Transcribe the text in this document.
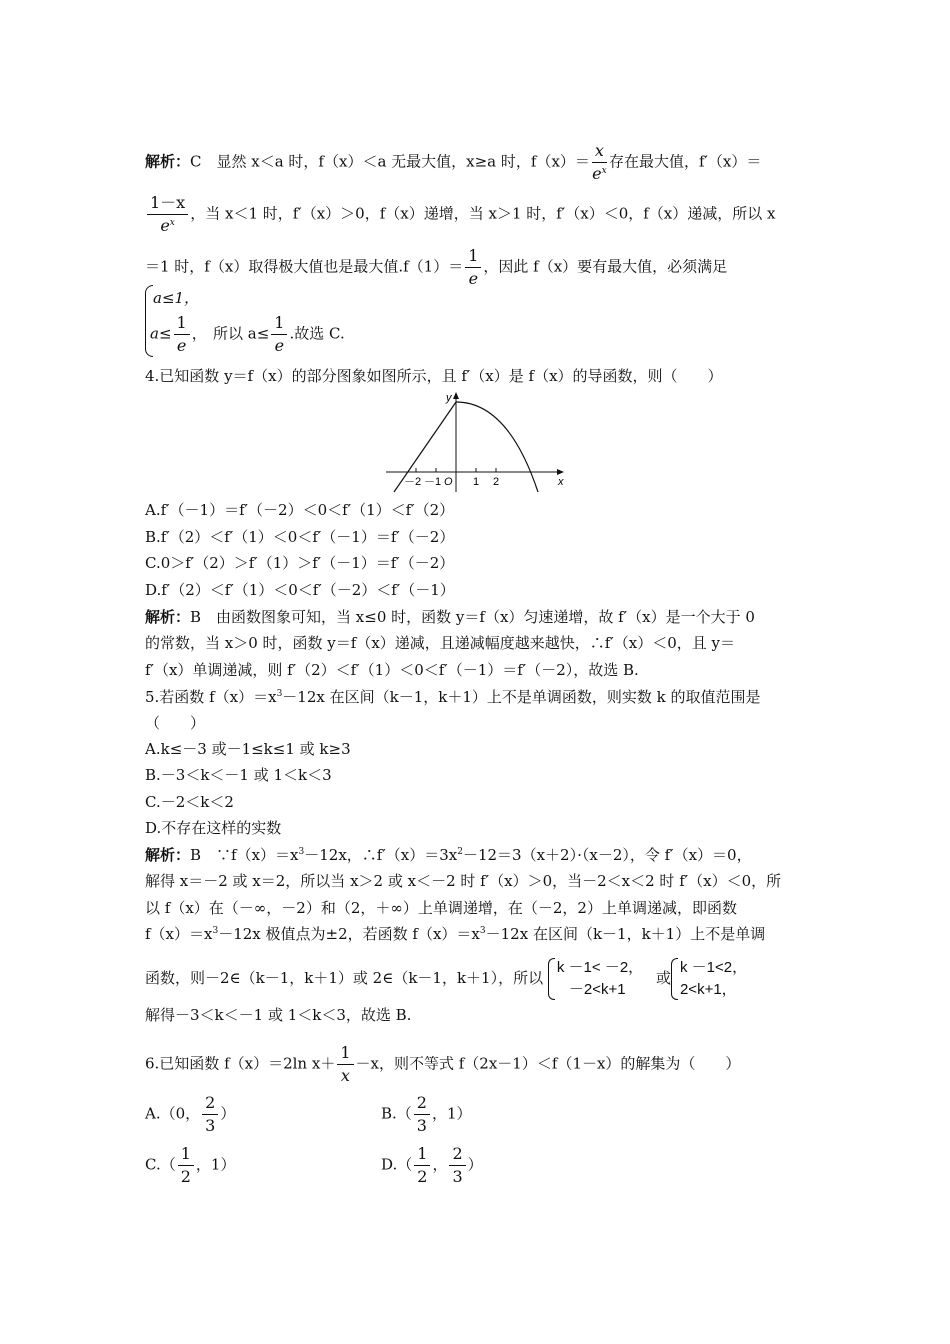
解析：C　显然 x＜a 时，f（x）＜a 无最大值，x≥a 时，$f(x)= \frac{x}{e^x}$ 存在最大值，f′（x）＝
$\frac{1-x}{e^x}$ ，当 x＜1 时，f′（x）＞0，f（x）递增，当 x＞1 时，f′（x）＜0，f（x）递减，所以 x
＝1 时，f（x）取得极大值也是最大值$.f(1)= \frac{1}{e}$ ，因此 f（x）要有最大值，必须满足
a≤1，
$a\le \frac{1}{e}$ ， 所以 $a\le \frac{1}{e}$ .故选 C.
4.已知函数 y＝f（x）的部分图象如图所示，且 f′（x）是 f（x）的导函数，则（　　）
x
y
O
－2 －1	1 2
A.f′（－1）＝f′（－2）＜0＜f′（1）＜f′（2）
B.f′（2）＜f′（1）＜0＜f′（－1）＝f′（－2）
C.0＞f′（2）＞f′（1）＞f′（－1）＝f′（－2）
D.f′（2）＜f′（1）＜0＜f′（－2）＜f′（－1）
解析：B　由函数图象可知，当 x≤0 时，函数 y＝f（x）匀速递增，故 f′（x）是一个大于 0
的常数，当 x＞0 时，函数 y＝f（x）递减，且递减幅度越来越快，∴f′（x）＜0，且 y＝
f′（x）单调递减，则 f′（2）＜f′（1）＜0＜f′（－1）＝f′（－2），故选 B.
5.若函数 $f(x)=x^3-12x$ 在区间（k－1，k＋1）上不是单调函数，则实数 k 的取值范围是
（　　）
A.k≤－3 或－1≤k≤1 或 k≥3
B.－3＜k＜－1 或 1＜k＜3
C.－2＜k＜2
D.不存在这样的实数
解析：B　$\because f(x)=x^3-12x$，$\therefore f'(x)=3x^2-12=3(x+2)\cdot(x-2)$，令 f′（x）＝0，
解得 x＝－2 或 x＝2，所以当 x＞2 或 x＜－2 时 f′（x）＞0，当－2＜x＜2 时 f′（x）＜0，所
以 f（x）在（－∞，－2）和（2，＋∞）上单调递增，在（－2，2）上单调递减，即函数
$f(x)=x^3-12x$ 极值点为±2，若函数 $f(x)=x^3-12x$ 在区间（k－1，k＋1）上不是单调
函数，则－2∈（k－1，k＋1）或 2∈（k－1，k＋1），所以
k －1< －2，
－2<k+1
或
k －1<2，
2<k+1，
解得－3＜k＜－1 或 1＜k＜3，故选 B.
6.已知函数 f（x）＝2ln $x+ \frac{1}{x} -x$，则不等式 f（2x－1）＜f（1－x）的解集为（　　）
A.（0， $\frac{2}{3}$ ）	$B.( \frac{2}{3}$ ，1）
$C.( \frac{1}{2}$ ，1）	$D.( \frac{1}{2}$ ， $\frac{2}{3}$ ）
